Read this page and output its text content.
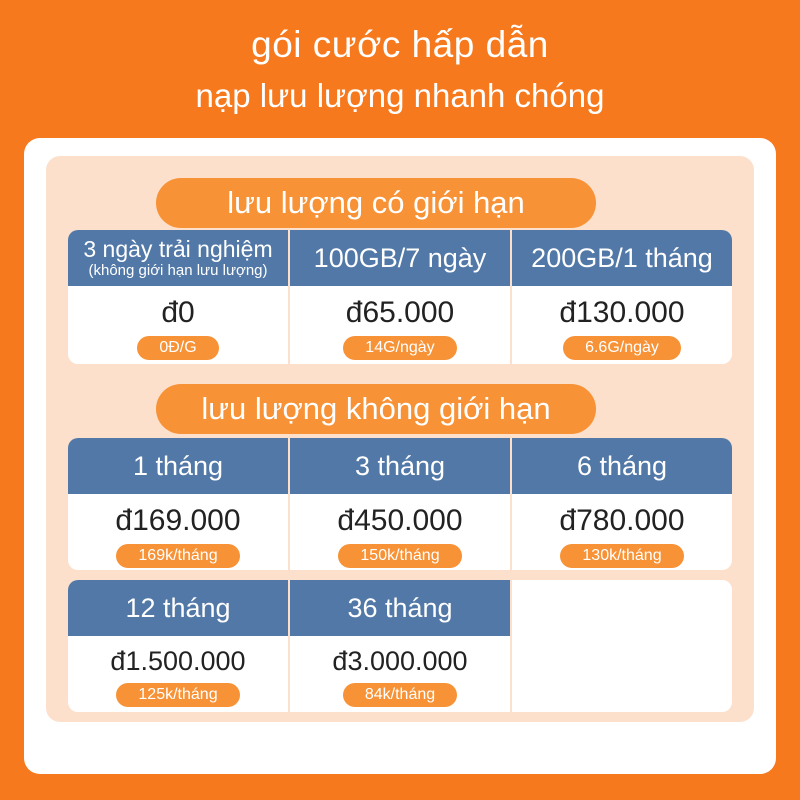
gói cước hấp dẫn
nạp lưu lượng nhanh chóng
lưu lượng có giới hạn
3 ngày trải nghiệm
(không giới hạn lưu lượng)
đ0
0Đ/G
100GB/7 ngày
đ65.000
14G/ngày
200GB/1 tháng
đ130.000
6.6G/ngày
lưu lượng không giới hạn
1 tháng
đ169.000
169k/tháng
3 tháng
đ450.000
150k/tháng
6 tháng
đ780.000
130k/tháng
12 tháng
đ1.500.000
125k/tháng
36 tháng
đ3.000.000
84k/tháng
